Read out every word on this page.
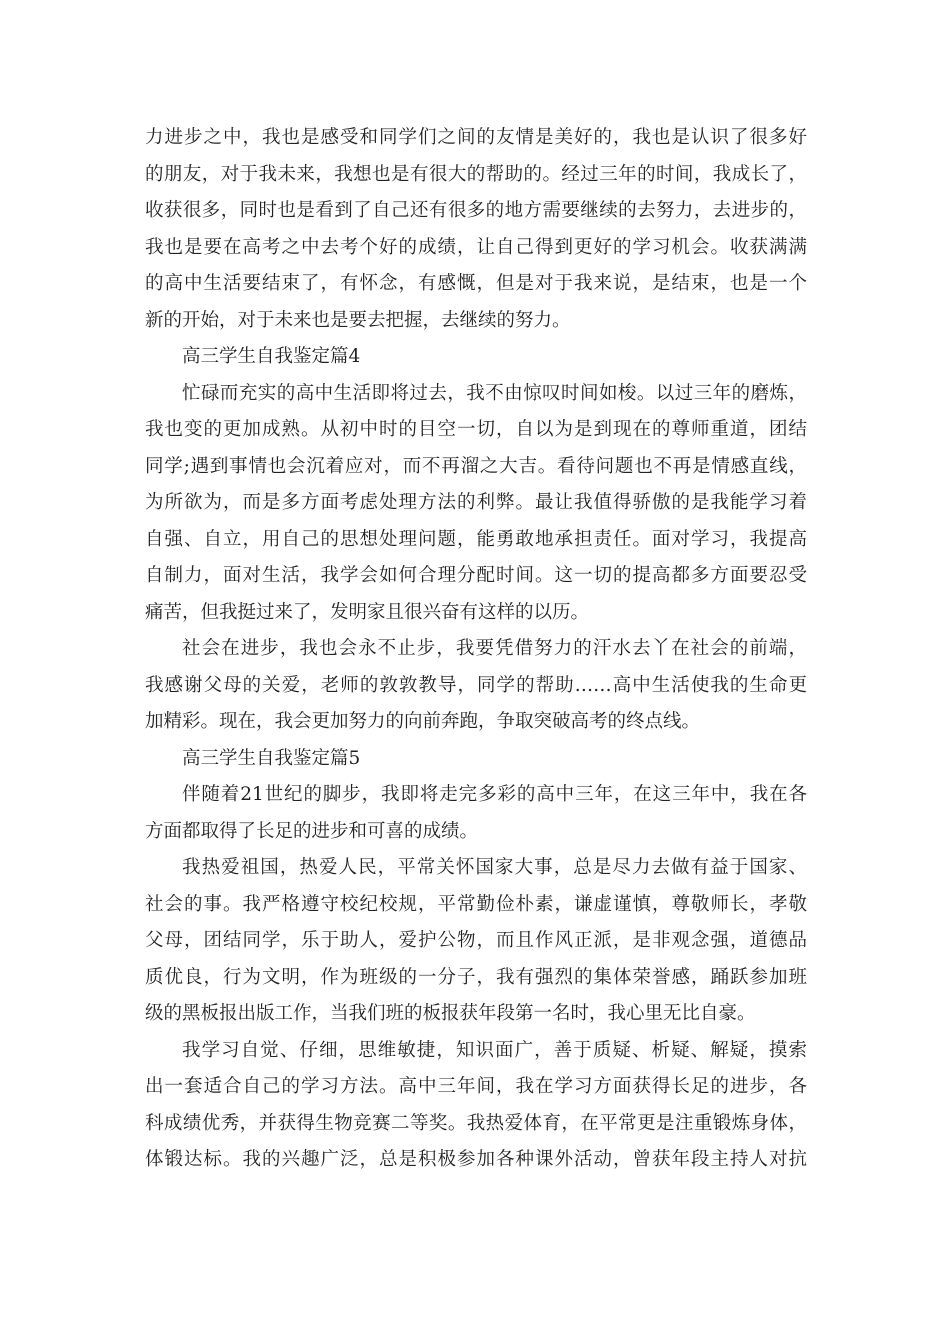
力进步之中，我也是感受和同学们之间的友情是美好的，我也是认识了很多好
的朋友，对于我未来，我想也是有很大的帮助的。经过三年的时间，我成长了，
收获很多，同时也是看到了自己还有很多的地方需要继续的去努力，去进步的，
我也是要在高考之中去考个好的成绩，让自己得到更好的学习机会。收获满满
的高中生活要结束了，有怀念，有感慨，但是对于我来说，是结束，也是一个
新的开始，对于未来也是要去把握，去继续的努力。
高三学生自我鉴定篇4
忙碌而充实的高中生活即将过去，我不由惊叹时间如梭。以过三年的磨炼，
我也变的更加成熟。从初中时的目空一切，自以为是到现在的尊师重道，团结
同学;遇到事情也会沉着应对，而不再溜之大吉。看待问题也不再是情感直线，
为所欲为，而是多方面考虑处理方法的利弊。最让我值得骄傲的是我能学习着
自强、自立，用自己的思想处理问题，能勇敢地承担责任。面对学习，我提高
自制力，面对生活，我学会如何合理分配时间。这一切的提高都多方面要忍受
痛苦，但我挺过来了，发明家且很兴奋有这样的以历。
社会在进步，我也会永不止步，我要凭借努力的汗水去丫在社会的前端，
我感谢父母的关爱，老师的敦敦教导，同学的帮助……高中生活使我的生命更
加精彩。现在，我会更加努力的向前奔跑，争取突破高考的终点线。
高三学生自我鉴定篇5
伴随着21世纪的脚步，我即将走完多彩的高中三年，在这三年中，我在各
方面都取得了长足的进步和可喜的成绩。
我热爱祖国，热爱人民，平常关怀国家大事，总是尽力去做有益于国家、
社会的事。我严格遵守校纪校规，平常勤俭朴素，谦虚谨慎，尊敬师长，孝敬
父母，团结同学，乐于助人，爱护公物，而且作风正派，是非观念强，道德品
质优良，行为文明，作为班级的一分子，我有强烈的集体荣誉感，踊跃参加班
级的黑板报出版工作，当我们班的板报获年段第一名时，我心里无比自豪。
我学习自觉、仔细，思维敏捷，知识面广，善于质疑、析疑、解疑，摸索
出一套适合自己的学习方法。高中三年间，我在学习方面获得长足的进步，各
科成绩优秀，并获得生物竞赛二等奖。我热爱体育，在平常更是注重锻炼身体，
体锻达标。我的兴趣广泛，总是积极参加各种课外活动，曾获年段主持人对抗
